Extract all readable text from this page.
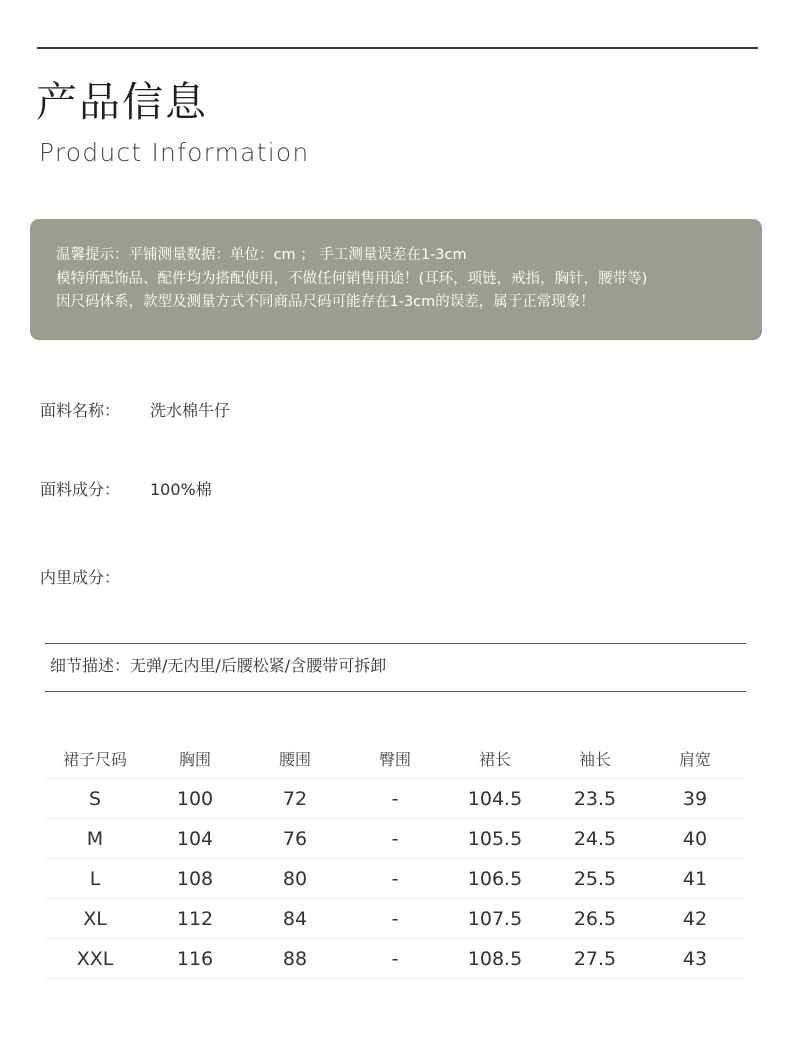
产品信息
Product Information
温馨提示：平铺测量数据：单位：cm ； 手工测量误差在1-3cm
模特所配饰品、配件均为搭配使用，不做任何销售用途！(耳环，项链，戒指，胸针，腰带等)
因尺码体系，款型及测量方式不同商品尺码可能存在1-3cm的误差，属于正常现象！
面料名称： 洗水棉牛仔
面料成分： 100%棉
内里成分：
细节描述：无弹/无内里/后腰松紧/含腰带可拆卸
裙子尺码	胸围	腰围	臀围	裙长	袖长	肩宽
S	100	72	-	104.5	23.5	39
M	104	76	-	105.5	24.5	40
L	108	80	-	106.5	25.5	41
XL	112	84	-	107.5	26.5	42
XXL	116	88	-	108.5	27.5	43
